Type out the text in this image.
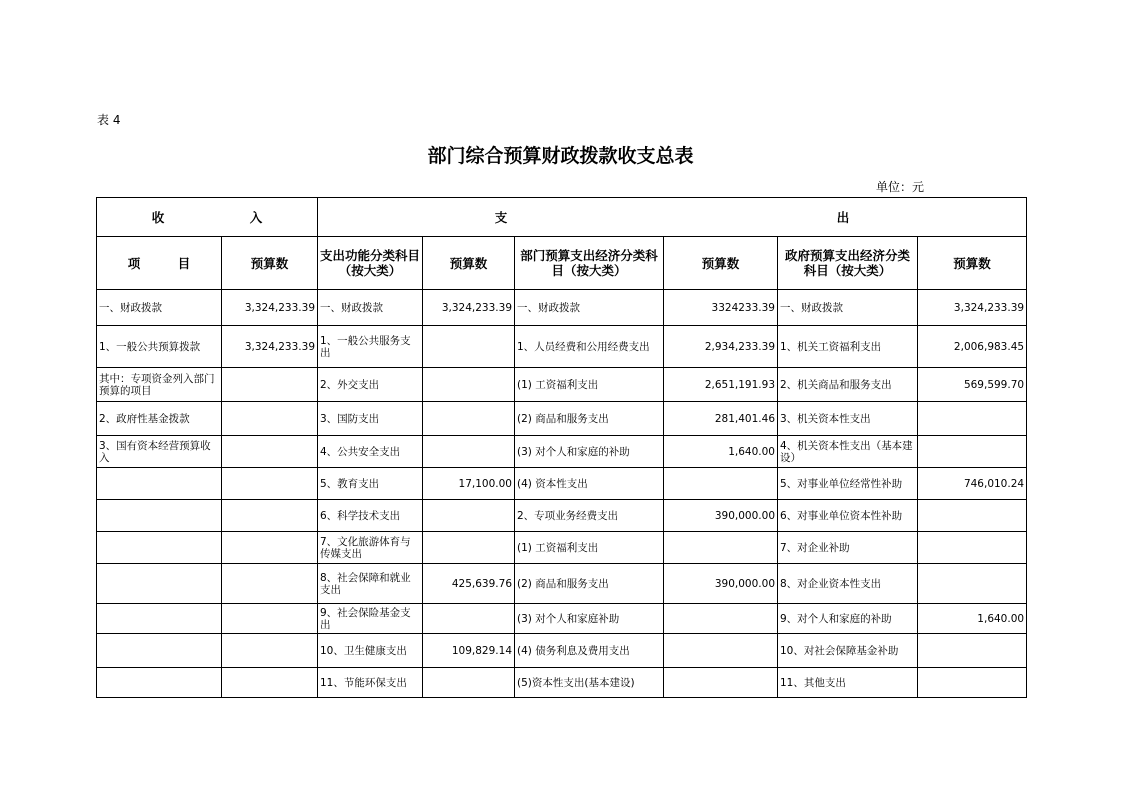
表 4
部门综合预算财政拨款收支总表
单位：元
收 入		支 出					

项 目	预算数	支出功能分类科目（按大类）	预算数	部门预算支出经济分类科目（按大类）	预算数	政府预算支出经济分类科目（按大类）	预算数
一、财政拨款	3,324,233.39	一、财政拨款	3,324,233.39	一、财政拨款	3324233.39	一、财政拨款	3,324,233.39
1、一般公共预算拨款	3,324,233.39	1、一般公共服务支出		1、人员经费和公用经费支出	2,934,233.39	1、机关工资福利支出	2,006,983.45
其中：专项资金列入部门预算的项目		2、外交支出		(1) 工资福利支出	2,651,191.93	2、机关商品和服务支出	569,599.70
2、政府性基金拨款		3、国防支出		(2) 商品和服务支出	281,401.46	3、机关资本性支出	
3、国有资本经营预算收入		4、公共安全支出		(3) 对个人和家庭的补助	1,640.00	4、机关资本性支出（基本建设）	
		5、教育支出	17,100.00	(4) 资本性支出		5、对事业单位经常性补助	746,010.24
		6、科学技术支出		2、专项业务经费支出	390,000.00	6、对事业单位资本性补助	
		7、文化旅游体育与传媒支出		(1) 工资福利支出		7、对企业补助	
		8、社会保障和就业支出	425,639.76	(2) 商品和服务支出	390,000.00	8、对企业资本性支出	
		9、社会保险基金支出		(3) 对个人和家庭补助		9、对个人和家庭的补助	1,640.00
		10、卫生健康支出	109,829.14	(4) 债务利息及费用支出		10、对社会保障基金补助	
		11、节能环保支出		(5)资本性支出(基本建设)		11、其他支出	
